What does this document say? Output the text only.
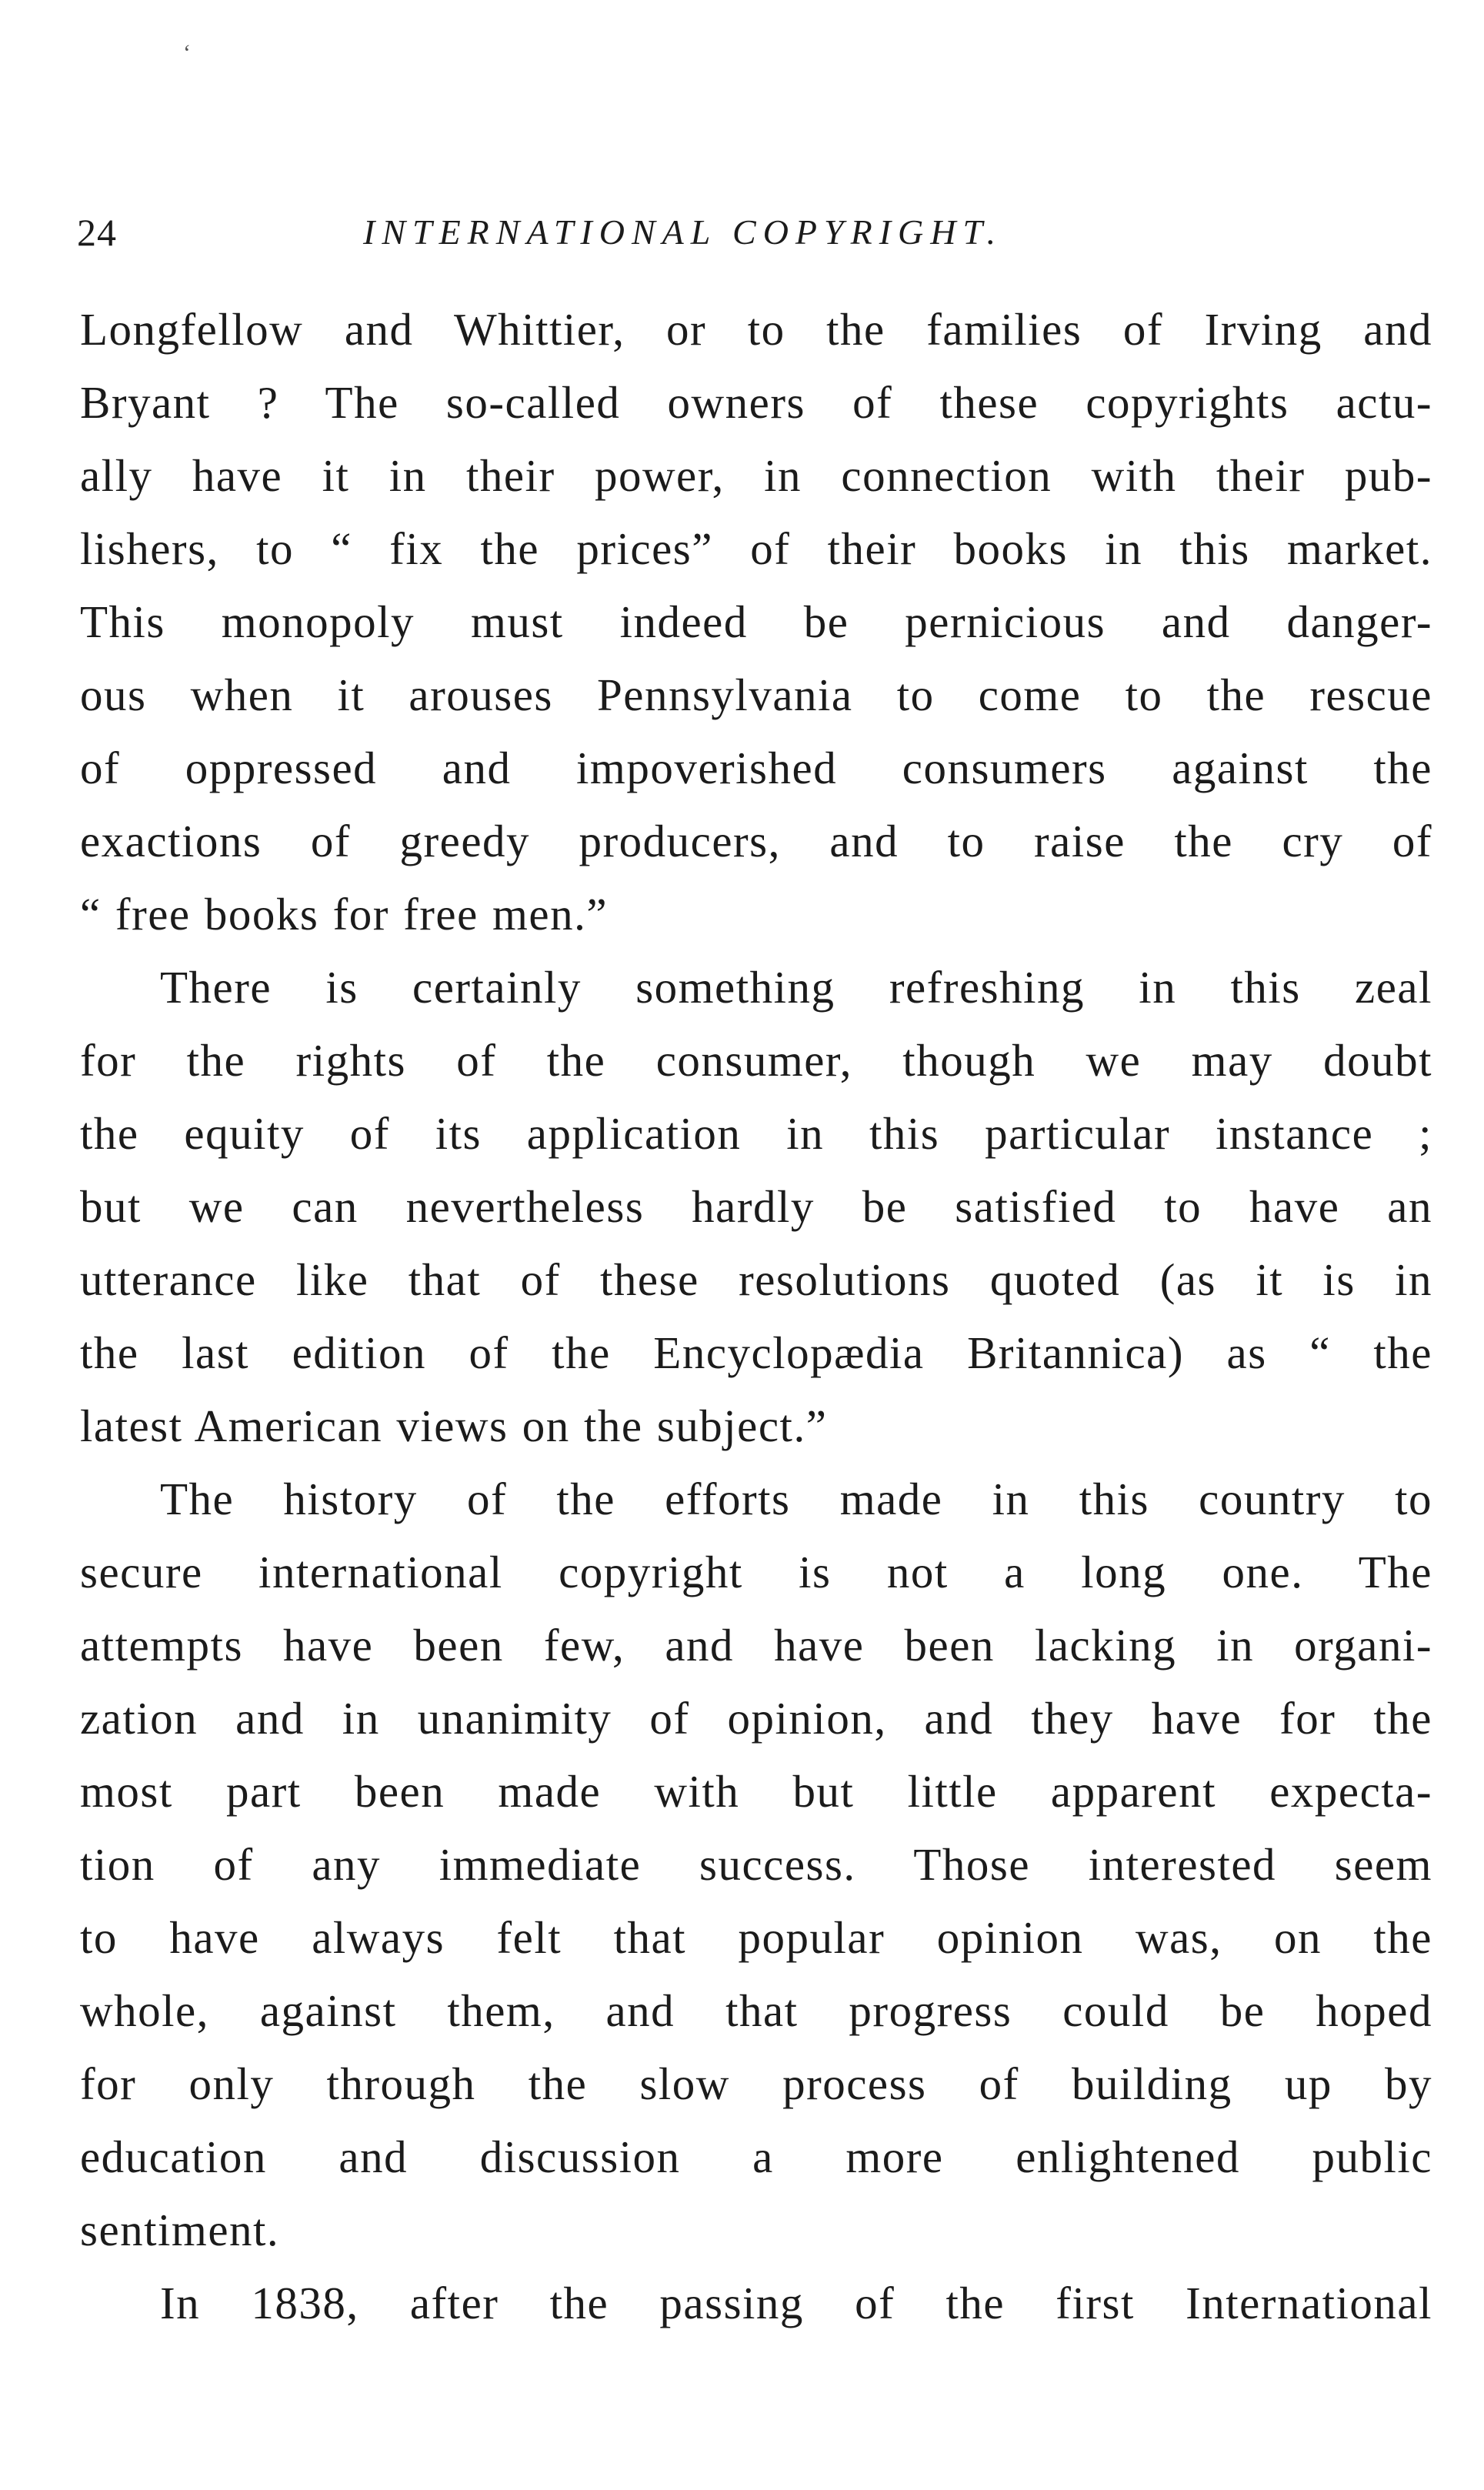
‘
24	INTERNATIONAL COPYRIGHT.
Longfellow and Whittier, or to the families of Irving and
Bryant ? The so-called owners of these copyrights actu-
ally have it in their power, in connection with their pub-
lishers, to “ fix the prices” of their books in this market.
This monopoly must indeed be pernicious and danger-
ous when it arouses Pennsylvania to come to the rescue
of oppressed and impoverished consumers against the
exactions of greedy producers, and to raise the cry of
“ free books for free men.”
There is certainly something refreshing in this zeal
for the rights of the consumer, though we may doubt
the equity of its application in this particular instance ;
but we can nevertheless hardly be satisfied to have an
utterance like that of these resolutions quoted (as it is in
the last edition of the Encyclopædia Britannica) as “ the
latest American views on the subject.”
The history of the efforts made in this country to
secure international copyright is not a long one. The
attempts have been few, and have been lacking in organi-
zation and in unanimity of opinion, and they have for the
most part been made with but little apparent expecta-
tion of any immediate success. Those interested seem
to have always felt that popular opinion was, on the
whole, against them, and that progress could be hoped
for only through the slow process of building up by
education and discussion a more enlightened public
sentiment.
In 1838, after the passing of the first International
